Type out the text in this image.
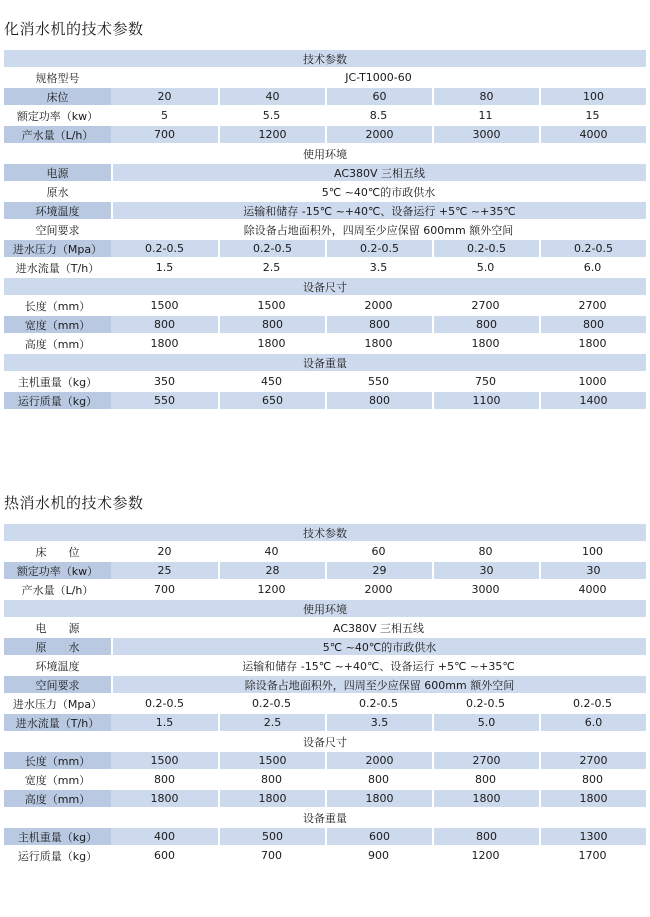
化消水机的技术参数
技术参数					
规格型号	JC-T1000-60				
床位	20	40	60	80	100
额定功率（kw）	5	5.5	8.5	11	15
产水量（L/h）	700	1200	2000	3000	4000
使用环境					
电源	AC380V 三相五线				
原水	5℃ ~40℃的市政供水				
环境温度	运输和储存 -15℃ ~+40℃、设备运行 +5℃ ~+35℃				
空间要求	除设备占地面积外，四周至少应保留 600mm 额外空间				
进水压力（Mpa）	0.2-0.5	0.2-0.5	0.2-0.5	0.2-0.5	0.2-0.5
进水流量（T/h）	1.5	2.5	3.5	5.0	6.0
设备尺寸					
长度（mm）	1500	1500	2000	2700	2700
宽度（mm）	800	800	800	800	800
高度（mm）	1800	1800	1800	1800	1800
设备重量					
主机重量（kg）	350	450	550	750	1000
运行质量（kg）	550	650	800	1100	1400
热消水机的技术参数
技术参数					
床　　位	20	40	60	80	100
额定功率（kw）	25	28	29	30	30
产水量（L/h）	700	1200	2000	3000	4000
使用环境					
电　　源	AC380V 三相五线				
原　　水	5℃ ~40℃的市政供水				
环境温度	运输和储存 -15℃ ~+40℃、设备运行 +5℃ ~+35℃				
空间要求	除设备占地面积外，四周至少应保留 600mm 额外空间				
进水压力（Mpa）	0.2-0.5	0.2-0.5	0.2-0.5	0.2-0.5	0.2-0.5
进水流量（T/h）	1.5	2.5	3.5	5.0	6.0
设备尺寸					
长度（mm）	1500	1500	2000	2700	2700
宽度（mm）	800	800	800	800	800
高度（mm）	1800	1800	1800	1800	1800
设备重量					
主机重量（kg）	400	500	600	800	1300
运行质量（kg）	600	700	900	1200	1700
